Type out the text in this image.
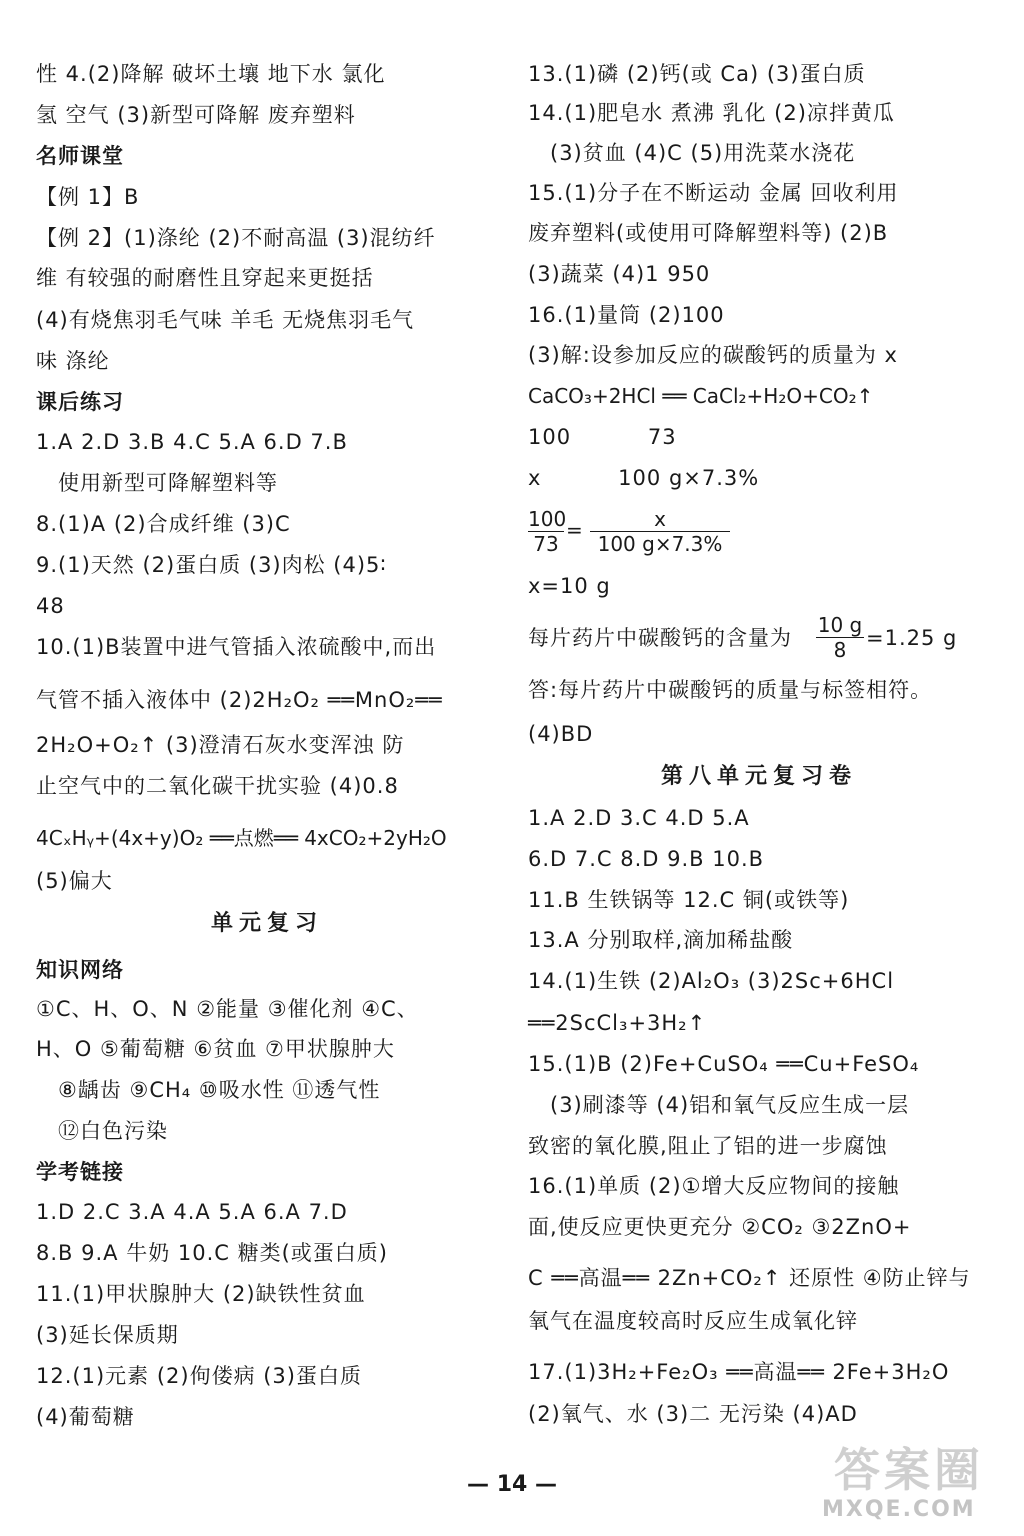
性 4.(2)降解 破坏土壤 地下水 氯化
氢 空气 (3)新型可降解 废弃塑料
名师课堂
【例 1】B
【例 2】(1)涤纶 (2)不耐高温 (3)混纺纤
维 有较强的耐磨性且穿起来更挺括
(4)有烧焦羽毛气味 羊毛 无烧焦羽毛气
味 涤纶
课后练习
1.A 2.D 3.B 4.C 5.A 6.D 7.B
使用新型可降解塑料等
8.(1)A (2)合成纤维 (3)C
9.(1)天然 (2)蛋白质 (3)肉松 (4)5∶
48
10.(1)B装置中进气管插入浓硫酸中,而出
气管不插入液体中 (2)2H₂O₂ ══MnO₂══
2H₂O+O₂↑ (3)澄清石灰水变浑浊 防
止空气中的二氧化碳干扰实验 (4)0.8
4CₓHᵧ+(4x+y)O₂ ══点燃══ 4xCO₂+2yH₂O
(5)偏大
单元复习
知识网络
①C、H、O、N ②能量 ③催化剂 ④C、
H、O ⑤葡萄糖 ⑥贫血 ⑦甲状腺肿大
⑧龋齿 ⑨CH₄ ⑩吸水性 ⑪透气性
⑫白色污染
学考链接
1.D 2.C 3.A 4.A 5.A 6.A 7.D
8.B 9.A 牛奶 10.C 糖类(或蛋白质)
11.(1)甲状腺肿大 (2)缺铁性贫血
(3)延长保质期
12.(1)元素 (2)佝偻病 (3)蛋白质
(4)葡萄糖
13.(1)磷 (2)钙(或 Ca) (3)蛋白质
14.(1)肥皂水 煮沸 乳化 (2)凉拌黄瓜
(3)贫血 (4)C (5)用洗菜水浇花
15.(1)分子在不断运动 金属 回收利用
废弃塑料(或使用可降解塑料等) (2)B
(3)蔬菜 (4)1 950
16.(1)量筒 (2)100
(3)解:设参加反应的碳酸钙的质量为 x
CaCO₃+2HCl ══ CaCl₂+H₂O+CO₂↑
100          73
x          100 g×7.3%
100
73
=	x
100 g×7.3%
x=10 g
每片药片中碳酸钙的含量为
10 g
8 =1.25 g
答:每片药片中碳酸钙的质量与标签相符。
(4)BD
第八单元复习卷
1.A 2.D 3.C 4.D 5.A
6.D 7.C 8.D 9.B 10.B
11.B 生铁锅等 12.C 铜(或铁等)
13.A 分别取样,滴加稀盐酸
14.(1)生铁 (2)Al₂O₃ (3)2Sc+6HCl
══2ScCl₃+3H₂↑
15.(1)B (2)Fe+CuSO₄ ══Cu+FeSO₄
(3)刷漆等 (4)铝和氧气反应生成一层
致密的氧化膜,阻止了铝的进一步腐蚀
16.(1)单质 (2)①增大反应物间的接触
面,使反应更快更充分 ②CO₂ ③2ZnO+
C ══高温══ 2Zn+CO₂↑ 还原性 ④防止锌与
氧气在温度较高时反应生成氧化锌
17.(1)3H₂+Fe₂O₃ ══高温══ 2Fe+3H₂O
(2)氧气、水 (3)二 无污染 (4)AD
— 14 —	答案圈
MXQE.COM
